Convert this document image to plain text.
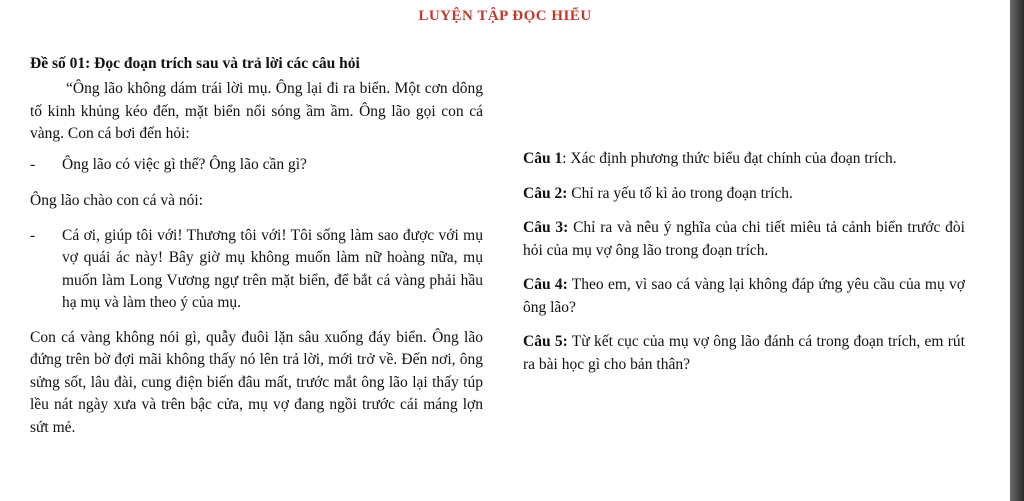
LUYỆN TẬP ĐỌC HIỂU
Đề số 01: Đọc đoạn trích sau và trả lời các câu hỏi

“Ông lão không dám trái lời mụ. Ông lại đi ra biển. Một cơn dông tố kinh khủng kéo đến, mặt biển nổi sóng ầm ầm. Ông lão gọi con cá vàng. Con cá bơi đến hỏi:

-	Ông lão có việc gì thế? Ông lão cần gì?

Ông lão chào con cá và nói:

-	Cá ơi, giúp tôi với! Thương tôi với! Tôi sống làm sao được với mụ vợ quái ác này! Bây giờ mụ không muốn làm nữ hoàng nữa, mụ muốn làm Long Vương ngự trên mặt biển, để bắt cá vàng phải hầu hạ mụ và làm theo ý của mụ.

Con cá vàng không nói gì, quẫy đuôi lặn sâu xuống đáy biển. Ông lão đứng trên bờ đợi mãi không thấy nó lên trả lời, mới trở về. Đến nơi, ông sửng sốt, lâu đài, cung điện biến đâu mất, trước mắt ông lão lại thấy túp lều nát ngày xưa và trên bậc cửa, mụ vợ đang ngồi trước cái máng lợn sứt mẻ.

Câu 1: Xác định phương thức biểu đạt chính của đoạn trích.

Câu 2: Chỉ ra yếu tố kì ảo trong đoạn trích.

Câu 3: Chỉ ra và nêu ý nghĩa của chi tiết miêu tả cảnh biển trước đòi hỏi của mụ vợ ông lão trong đoạn trích.

Câu 4: Theo em, vì sao cá vàng lại không đáp ứng yêu cầu của mụ vợ ông lão?

Câu 5: Từ kết cục của mụ vợ ông lão đánh cá trong đoạn trích, em rút ra bài học gì cho bản thân?
